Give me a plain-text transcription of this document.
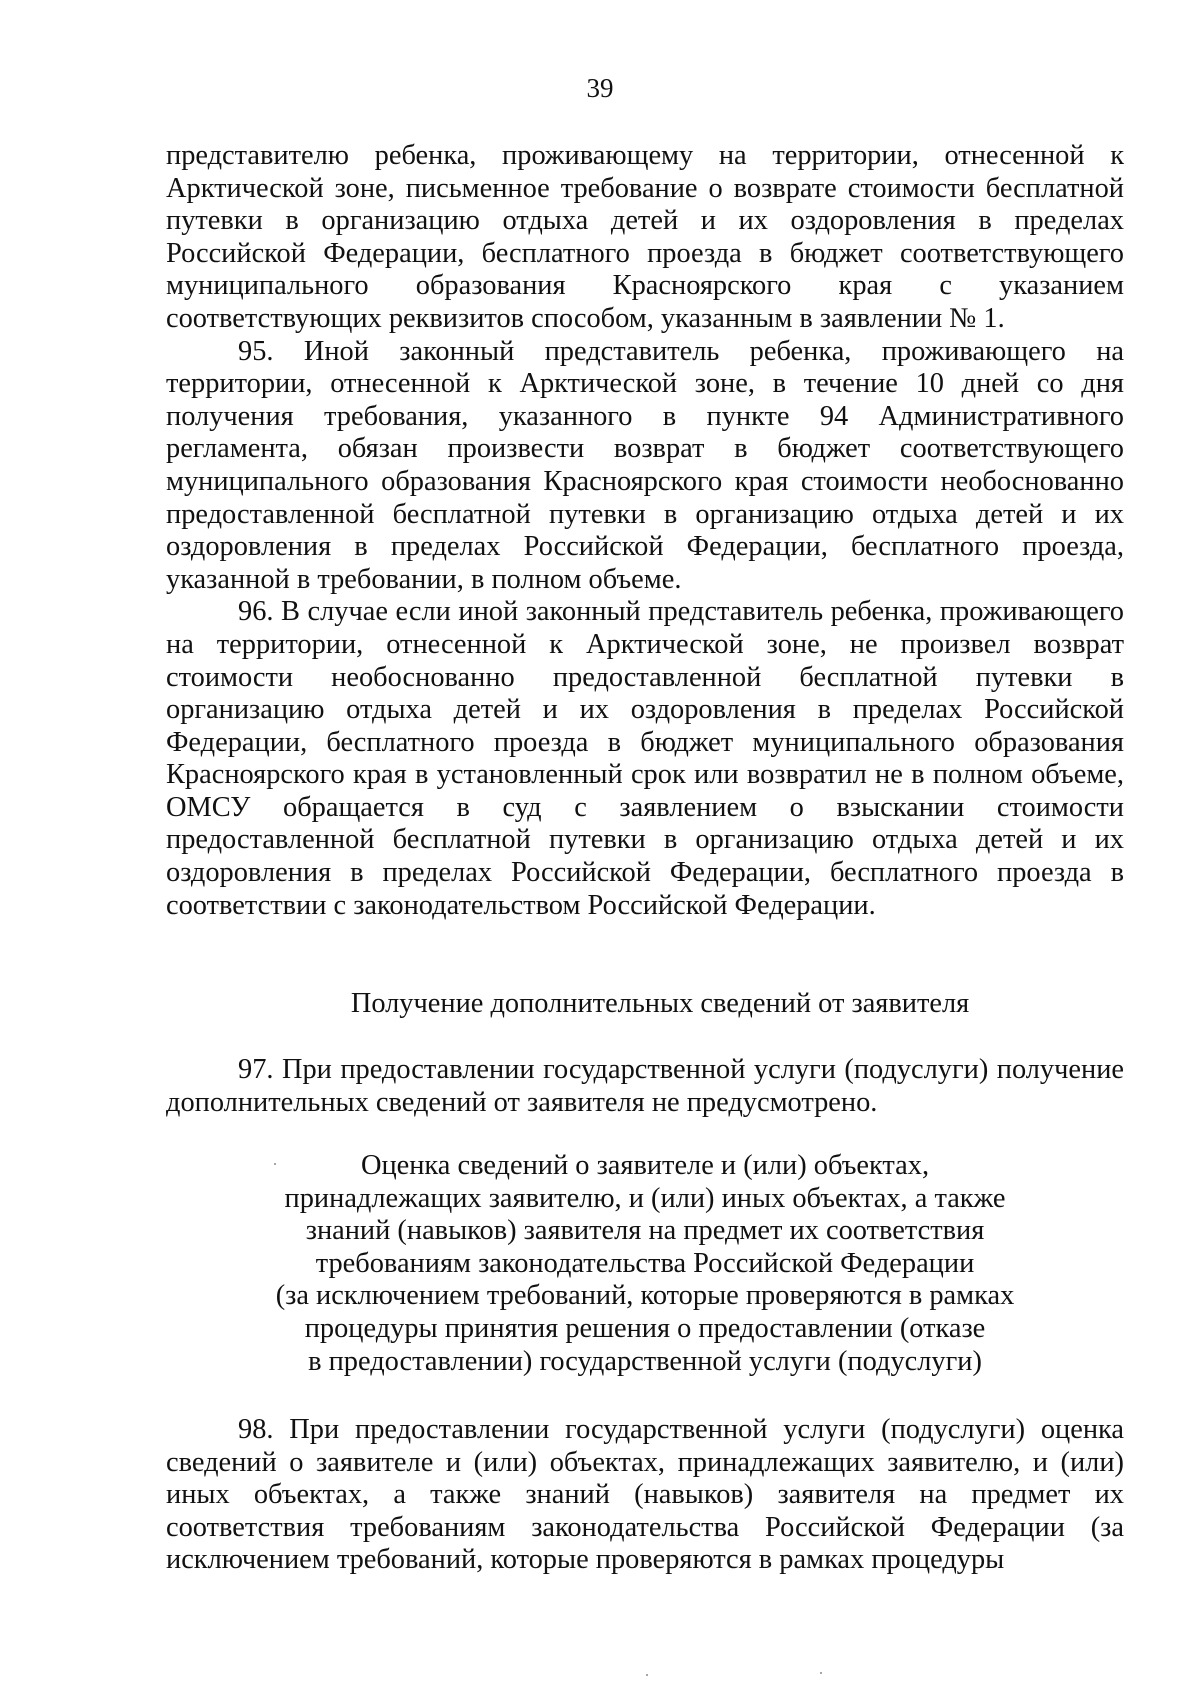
39

представителю ребенка, проживающему на территории, отнесенной к Арктической зоне, письменное требование о возврате стоимости бесплатной путевки в организацию отдыха детей и их оздоровления в пределах Российской Федерации, бесплатного проезда в бюджет соответствующего муниципального образования Красноярского края с указанием соответствующих реквизитов способом, указанным в заявлении № 1.

95. Иной законный представитель ребенка, проживающего на территории, отнесенной к Арктической зоне, в течение 10 дней со дня получения требования, указанного в пункте 94 Административного регламента, обязан произвести возврат в бюджет соответствующего муниципального образования Красноярского края стоимости необоснованно предоставленной бесплатной путевки в организацию отдыха детей и их оздоровления в пределах Российской Федерации, бесплатного проезда, указанной в требовании, в полном объеме.

96. В случае если иной законный представитель ребенка, проживающего на территории, отнесенной к Арктической зоне, не произвел возврат стоимости необоснованно предоставленной бесплатной путевки в организацию отдыха детей и их оздоровления в пределах Российской Федерации, бесплатного проезда в бюджет муниципального образования Красноярского края в установленный срок или возвратил не в полном объеме, ОМСУ обращается в суд с заявлением о взыскании стоимости предоставленной бесплатной путевки в организацию отдыха детей и их оздоровления в пределах Российской Федерации, бесплатного проезда в соответствии с законодательством Российской Федерации.

Получение дополнительных сведений от заявителя

97. При предоставлении государственной услуги (подуслуги) получение дополнительных сведений от заявителя не предусмотрено.

Оценка сведений о заявителе и (или) объектах,
принадлежащих заявителю, и (или) иных объектах, а также
знаний (навыков) заявителя на предмет их соответствия
требованиям законодательства Российской Федерации
(за исключением требований, которые проверяются в рамках
процедуры принятия решения о предоставлении (отказе
в предоставлении) государственной услуги (подуслуги)

98. При предоставлении государственной услуги (подуслуги) оценка сведений о заявителе и (или) объектах, принадлежащих заявителю, и (или) иных объектах, а также знаний (навыков) заявителя на предмет их соответствия требованиям законодательства Российской Федерации (за исключением требований, которые проверяются в рамках процедуры
